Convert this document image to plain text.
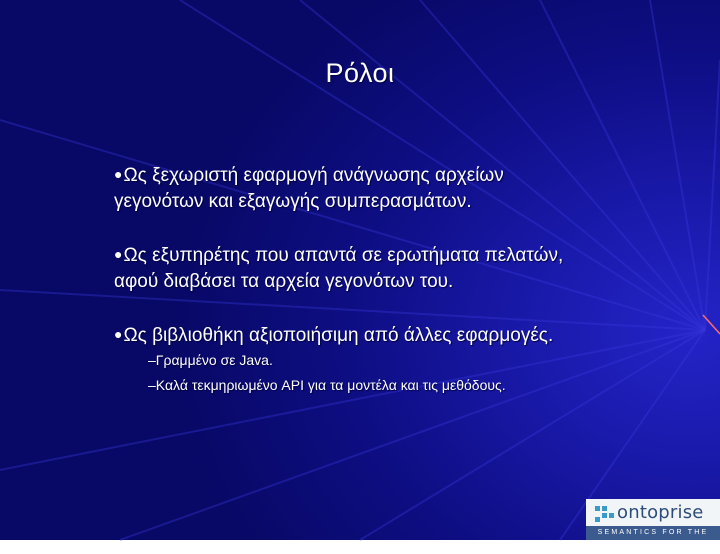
Ρόλοι
●Ως ξεχωριστή εφαρμογή ανάγνωσης αρχείων
γεγονότων και εξαγωγής συμπερασμάτων.
●Ως εξυπηρέτης που απαντά σε ερωτήματα πελατών,
αφού διαβάσει τα αρχεία γεγονότων του.
●Ως βιβλιοθήκη αξιοποιήσιμη από άλλες εφαρμογές.
–Γραμμένο σε Java.
–Καλά τεκμηριωμένο API για τα μοντέλα και τις μεθόδους.
ontoprise
SEMANTICS FOR THE WEB
